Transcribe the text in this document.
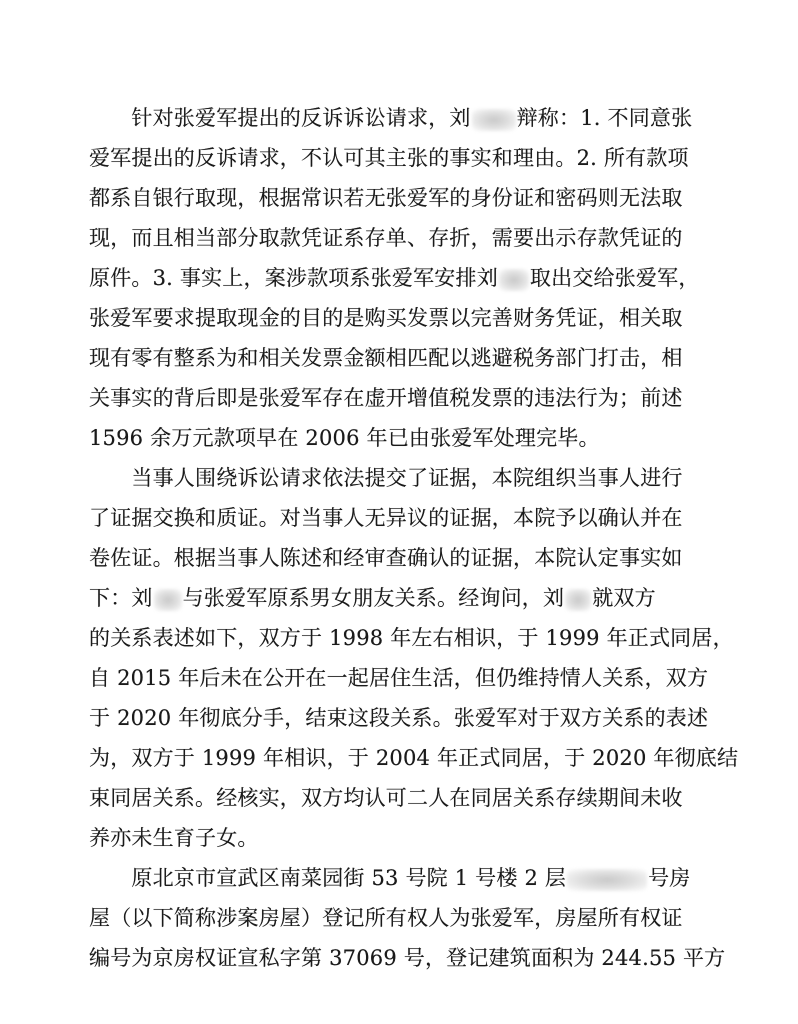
　　针对张爱军提出的反诉诉讼请求，刘 辩称：1. 不同意张
爱军提出的反诉请求，不认可其主张的事实和理由。2. 所有款项
都系自银行取现，根据常识若无张爱军的身份证和密码则无法取
现，而且相当部分取款凭证系存单、存折，需要出示存款凭证的
原件。3. 事实上，案涉款项系张爱军安排刘 取出交给张爱军，
张爱军要求提取现金的目的是购买发票以完善财务凭证，相关取
现有零有整系为和相关发票金额相匹配以逃避税务部门打击，相
关事实的背后即是张爱军存在虚开增值税发票的违法行为；前述
1596 余万元款项早在 2006 年已由张爱军处理完毕。
　　当事人围绕诉讼请求依法提交了证据，本院组织当事人进行
了证据交换和质证。对当事人无异议的证据，本院予以确认并在
卷佐证。根据当事人陈述和经审查确认的证据，本院认定事实如
下：刘 与张爱军原系男女朋友关系。经询问，刘 就双方
的关系表述如下，双方于 1998 年左右相识，于 1999 年正式同居，
自 2015 年后未在公开在一起居住生活，但仍维持情人关系，双方
于 2020 年彻底分手，结束这段关系。张爱军对于双方关系的表述
为，双方于 1999 年相识，于 2004 年正式同居，于 2020 年彻底结
束同居关系。经核实，双方均认可二人在同居关系存续期间未收
养亦未生育子女。
　　原北京市宣武区南菜园街 53 号院 1 号楼 2 层	号房
屋（以下简称涉案房屋）登记所有权人为张爱军，房屋所有权证
编号为京房权证宣私字第 37069 号，登记建筑面积为 244.55 平方
